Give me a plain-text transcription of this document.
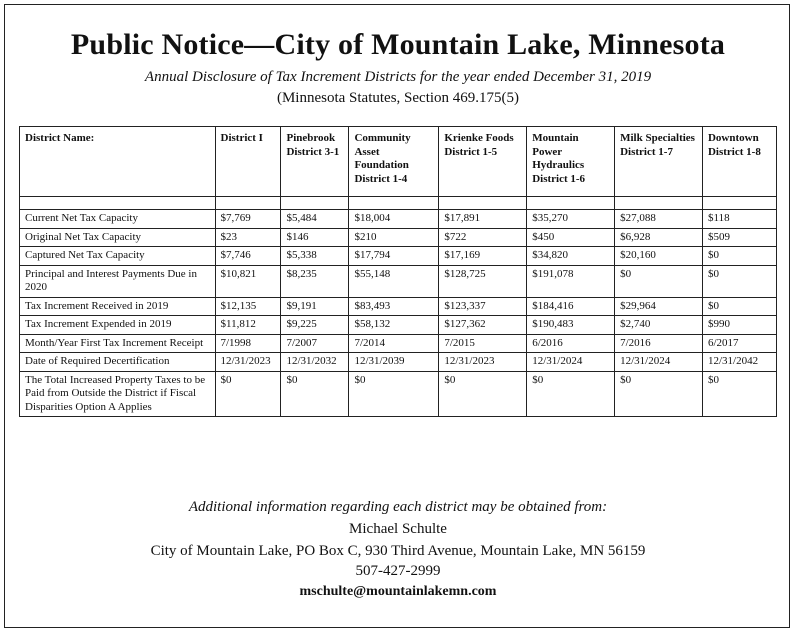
Public Notice—City of Mountain Lake, Minnesota
Annual Disclosure of Tax Increment Districts for the year ended December 31, 2019
(Minnesota Statutes, Section 469.175(5)
District Name:	District I	Pinebrook District 3-1	Community Asset Foundation District 1-4	Krienke Foods District 1-5	Mountain Power Hydraulics District 1-6	Milk Specialties District 1-7	Downtown District 1-8

Current Net Tax Capacity	$7,769	$5,484	$18,004	$17,891	$35,270	$27,088	$118
Original Net Tax Capacity	$23	$146	$210	$722	$450	$6,928	$509
Captured Net Tax Capacity	$7,746	$5,338	$17,794	$17,169	$34,820	$20,160	$0
Principal and Interest Payments Due in 2020	$10,821	$8,235	$55,148	$128,725	$191,078	$0	$0
Tax Increment Received in 2019	$12,135	$9,191	$83,493	$123,337	$184,416	$29,964	$0
Tax Increment Expended in 2019	$11,812	$9,225	$58,132	$127,362	$190,483	$2,740	$990
Month/Year First Tax Increment Receipt	7/1998	7/2007	7/2014	7/2015	6/2016	7/2016	6/2017
Date of Required Decertification	12/31/2023	12/31/2032	12/31/2039	12/31/2023	12/31/2024	12/31/2024	12/31/2042
The Total Increased Property Taxes to be Paid from Outside the District if Fiscal Disparities Option A Applies	$0	$0	$0	$0	$0	$0	$0
Additional information regarding each district may be obtained from:
Michael Schulte
City of Mountain Lake, PO Box C, 930 Third Avenue, Mountain Lake, MN 56159
507-427-2999
mschulte@mountainlakemn.com
